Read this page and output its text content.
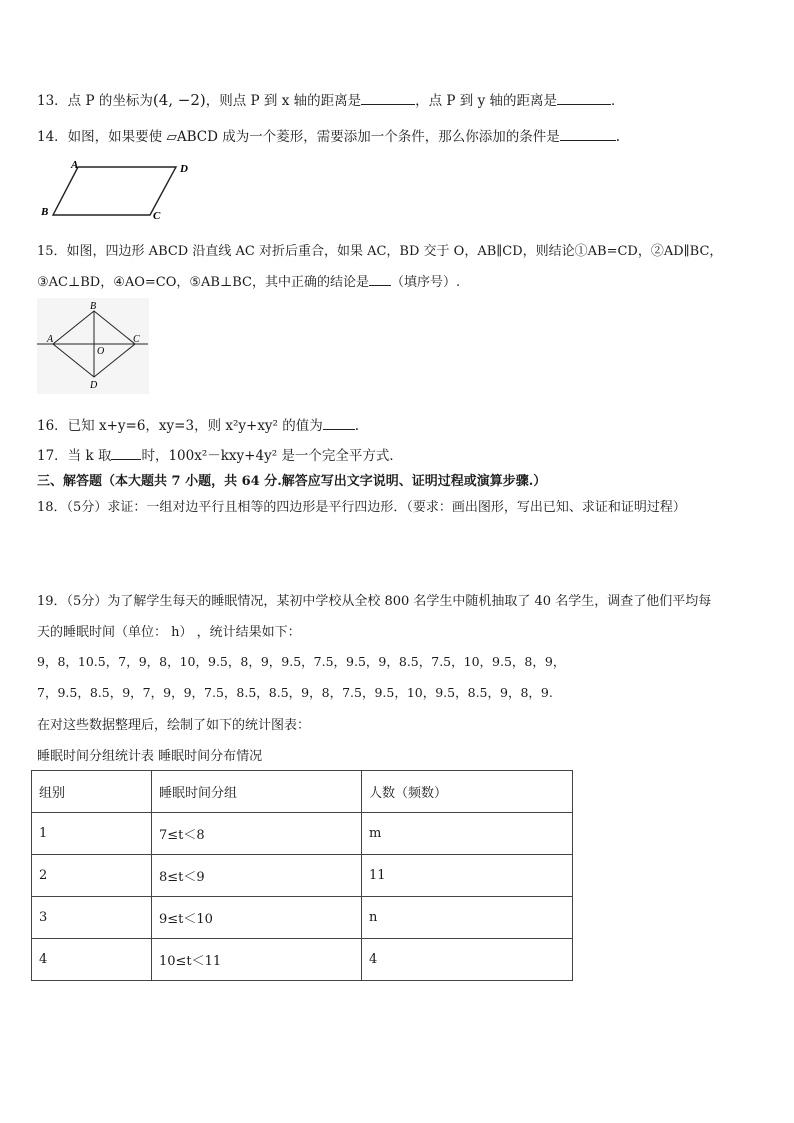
13．点 P 的坐标为(4, −2)，则点 P 到 x 轴的距离是	，点 P 到 y 轴的距离是	．
14．如图，如果要使 ▱ABCD 成为一个菱形，需要添加一个条件，那么你添加的条件是	.
A	D
B	C
15．如图，四边形 ABCD 沿直线 AC 对折后重合，如果 AC，BD 交于 O，AB∥CD，则结论①AB=CD，②AD∥BC，
③AC⊥BD，④AO=CO，⑤AB⊥BC，其中正确的结论是 （填序号）.
B
A	C
O
D
16．已知 x+y=6，xy=3，则 x²y+xy² 的值为 .
17．当 k 取 时，100x²－kxy+4y² 是一个完全平方式．
三、解答题（本大题共 7 小题，共 64 分.解答应写出文字说明、证明过程或演算步骤.）
18．（5分）求证：一组对边平行且相等的四边形是平行四边形．（要求：画出图形，写出已知、求证和证明过程）
19．（5分）为了解学生每天的睡眠情况，某初中学校从全校 800 名学生中随机抽取了 40 名学生，调查了他们平均每
天的睡眠时间（单位： h） ，统计结果如下：
9，8，10.5，7，9，8，10，9.5，8，9，9.5，7.5，9.5，9，8.5，7.5，10，9.5，8，9，
7，9.5，8.5，9，7，9，9，7.5，8.5，8.5，9，8，7.5，9.5，10，9.5，8.5，9，8，9.
在对这些数据整理后，绘制了如下的统计图表：
睡眠时间分组统计表 睡眠时间分布情况
组别	睡眠时间分组	人数（频数）
1	7≤t＜8	m
2	8≤t＜9	11
3	9≤t＜10	n
4	10≤t＜11	4
